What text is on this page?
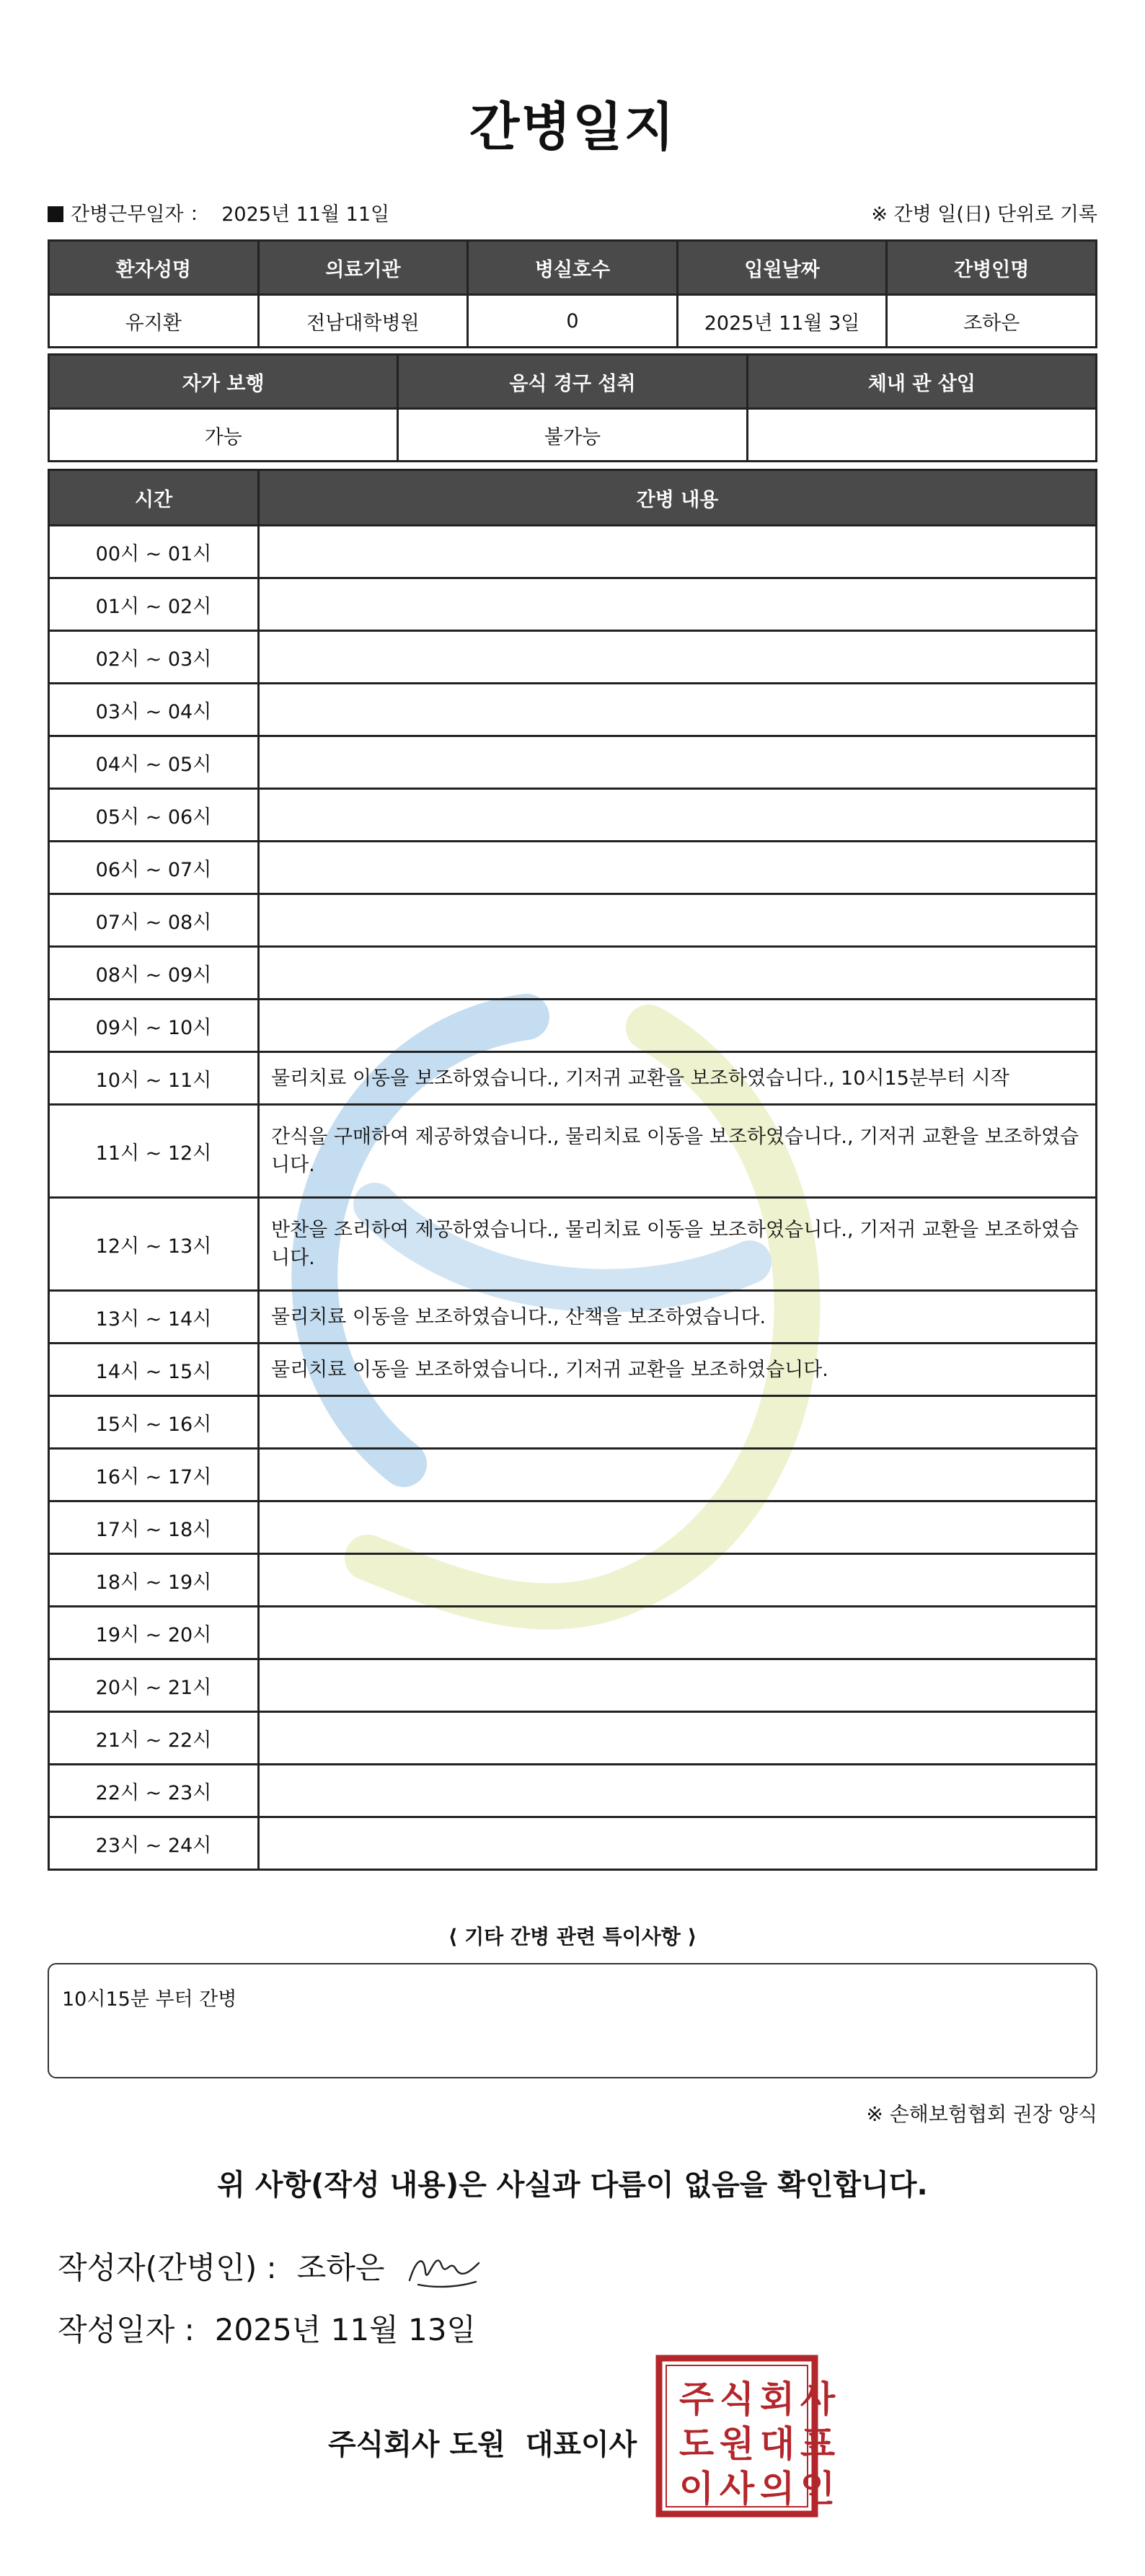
간병일지
간병근무일자 ： 2025년 11월 11일	※ 간병 일(日) 단위로 기록
환자성명	의료기관	병실호수	입원날짜	간병인명
유지환	전남대학병원	0	2025년 11월 3일	조하은
자가 보행	음식 경구 섭취	체내 관 삽입
가능	불가능	
시간	간병 내용
00시 ~ 01시	
01시 ~ 02시	
02시 ~ 03시	
03시 ~ 04시	
04시 ~ 05시	
05시 ~ 06시	
06시 ~ 07시	
07시 ~ 08시	
08시 ~ 09시	
09시 ~ 10시	
10시 ~ 11시	물리치료 이동을 보조하였습니다., 기저귀 교환을 보조하였습니다., 10시15분부터 시작
11시 ~ 12시	간식을 구매하여 제공하였습니다., 물리치료 이동을 보조하였습니다., 기저귀 교환을 보조하였습니다.
12시 ~ 13시	반찬을 조리하여 제공하였습니다., 물리치료 이동을 보조하였습니다., 기저귀 교환을 보조하였습니다.
13시 ~ 14시	물리치료 이동을 보조하였습니다., 산책을 보조하였습니다.
14시 ~ 15시	물리치료 이동을 보조하였습니다., 기저귀 교환을 보조하였습니다.
15시 ~ 16시	
16시 ~ 17시	
17시 ~ 18시	
18시 ~ 19시	
19시 ~ 20시	
20시 ~ 21시	
21시 ~ 22시	
22시 ~ 23시	
23시 ~ 24시	
⟨ 기타 간병 관련 특이사항 ⟩
10시15분 부터 간병
※ 손해보험협회 권장 양식
위 사항(작성 내용)은 사실과 다름이 없음을 확인합니다.
작성자(간병인) : 조하은
작성일자 : 2025년 11월 13일
주식회사 도원 대표이사
주 식 회 사
도 원 대 표
이 사 의 인
